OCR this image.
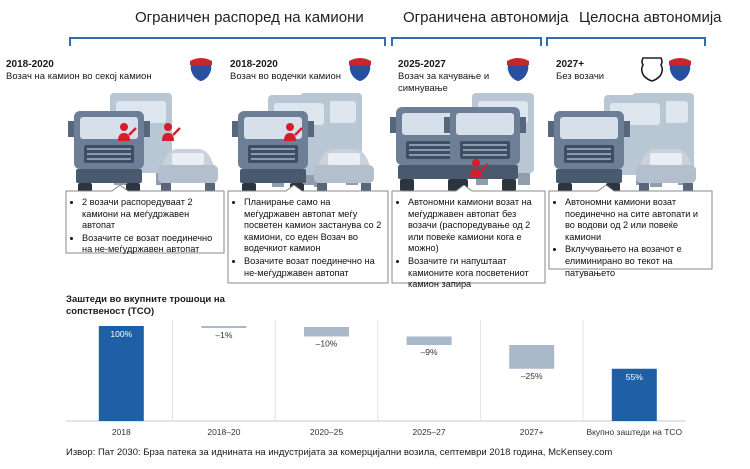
Ограничен распоред на камиони	Ограничена автономија Целосна автономија
2018-2020
Возач на камион во секој камион
2018-2020
Возач во водечки камион
2025-2027
Возач за качување и симнување
2027+
Без возачи
• 2 возачи распоредуваат 2 камиони на меѓудржавен автопат
• Возачите се возат поединечно на не-меѓудржавен автопат
• Планирање само на меѓудржавен автопат меѓу посветен камион застанува со 2 камиони, со еден Возач во водечкиот камион
• Возачите возат поединечно на не-меѓудржавен автопат
• Автономни камиони возат на меѓудржавен автопат без возачи (распоредување од 2 или повеќе камиони кога е можно)
• Возачите ги напуштаат камионите кога посветениот камион запира
• Автономни камиони возат поединечно на сите автопати и во водови од 2 или повеќе камиони
• Вклучувањето на возачот е елиминирано во текот на патувањето
Заштеди во вкупните трошоци на сопственост (TCO)
100%
2018
–1%
2018–20
–10%
2020–25
–9%
2025–27
–25%
2027+
55%
Вкупно заштеди на TCO
Извор: Пат 2030: Брза патека за иднината на индустријата за комерцијални возила, септември 2018 година, McKensey.com
